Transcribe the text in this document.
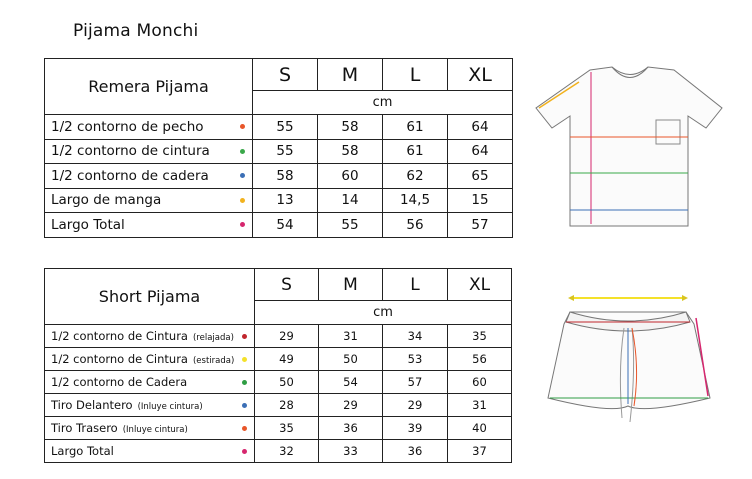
Pijama Monchi
Remera Pijama	S	M	L	XL
	cm			
1/2 contorno de pecho	55	58	61	64
1/2 contorno de cintura	55	58	61	64
1/2 contorno de cadera	58	60	62	65
Largo de manga	13	14	14,5	15
Largo Total	54	55	56	57
Short Pijama	S	M	L	XL
	cm			
1/2 contorno de Cintura (relajada)	29	31	34	35
1/2 contorno de Cintura (estirada)	49	50	53	56
1/2 contorno de Cadera	50	54	57	60
Tiro Delantero (Inluye cintura)	28	29	29	31
Tiro Trasero (Inluye cintura)	35	36	39	40
Largo Total	32	33	36	37
